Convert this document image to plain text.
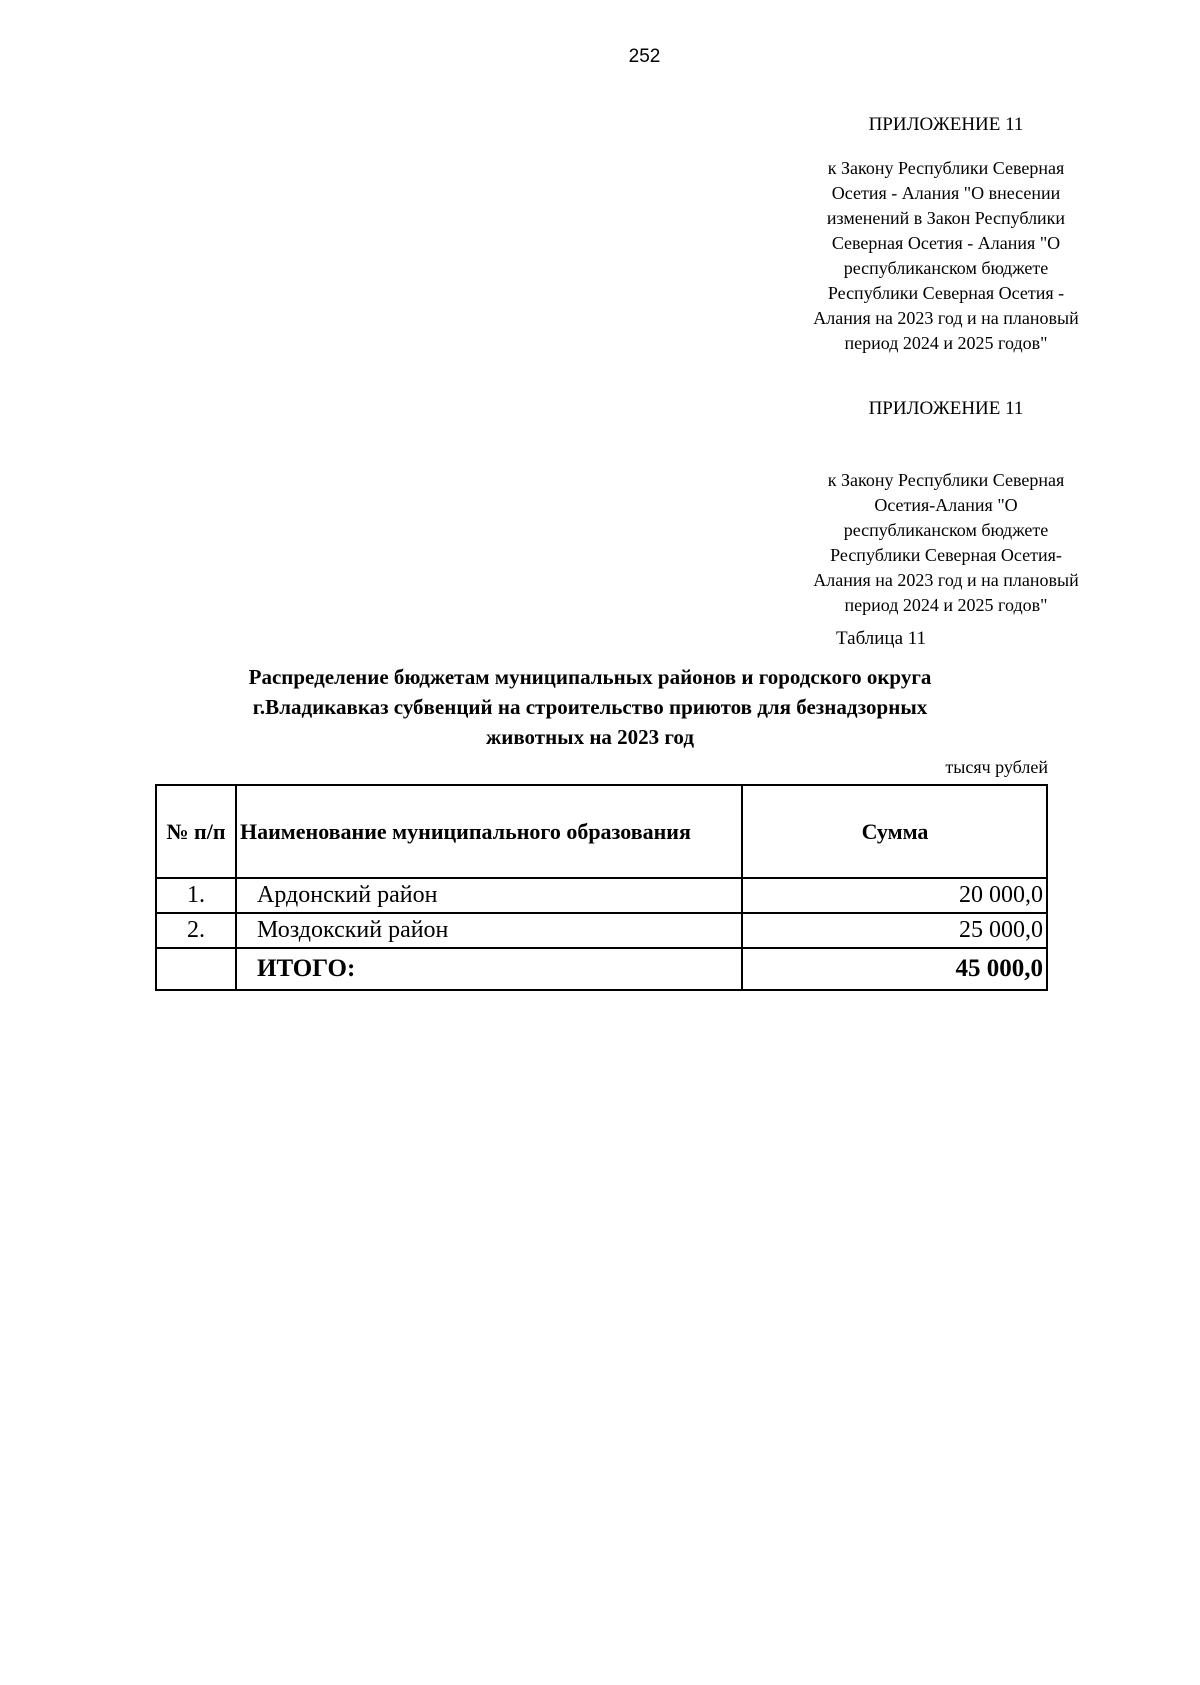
252
ПРИЛОЖЕНИЕ 11
к Закону Республики Северная
Осетия - Алания "О внесении
изменений в Закон Республики
Северная Осетия - Алания "О
республиканском бюджете
Республики Северная Осетия -
Алания на 2023 год и на плановый
период 2024 и 2025 годов"
ПРИЛОЖЕНИЕ 11
к Закону Республики Северная
Осетия-Алания "О
республиканском бюджете
Республики Северная Осетия-
Алания на 2023 год и на плановый
период 2024 и 2025 годов"
Таблица 11
Распределение бюджетам муниципальных районов и городского округа
г.Владикавказ субвенций на строительство приютов для безнадзорных
животных на 2023 год
тысяч рублей
№ п/п	Наименование муниципального образования	Сумма
1.	Ардонский район	20 000,0
2.	Моздокский район	25 000,0
	ИТОГО:	45 000,0
